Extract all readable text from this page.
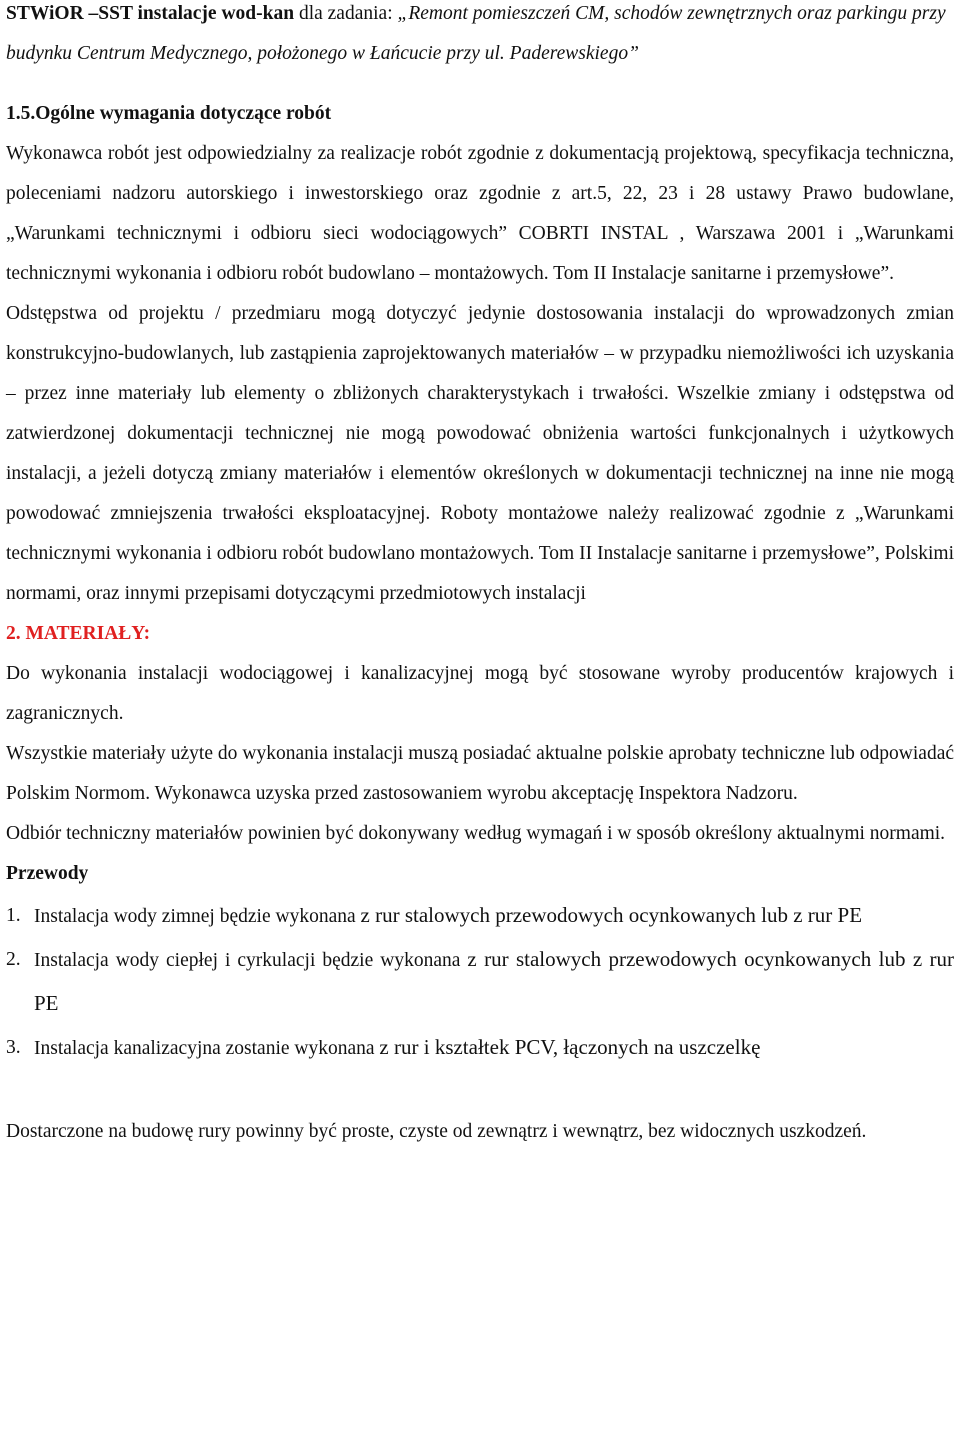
STWiOR –SST instalacje wod-kan dla zadania: „Remont pomieszczeń CM, schodów zewnętrznych oraz parkingu przy budynku Centrum Medycznego, położonego w Łańcucie przy ul. Paderewskiego”
1.5.Ogólne wymagania dotyczące robót

Wykonawca robót jest odpowiedzialny za realizacje robót zgodnie z dokumentacją projektową, specyfikacja techniczna, poleceniami nadzoru autorskiego i inwestorskiego oraz zgodnie z art.5, 22, 23 i 28 ustawy Prawo budowlane, „Warunkami technicznymi i odbioru sieci wodociągowych” COBRTI INSTAL , Warszawa 2001 i „Warunkami technicznymi wykonania i odbioru robót budowlano – montażowych. Tom II Instalacje sanitarne i przemysłowe”.

Odstępstwa od projektu / przedmiaru mogą dotyczyć jedynie dostosowania instalacji do wprowadzonych zmian konstrukcyjno-budowlanych, lub zastąpienia zaprojektowanych materiałów – w przypadku niemożliwości ich uzyskania – przez inne materiały lub elementy o zbliżonych charakterystykach i trwałości. Wszelkie zmiany i odstępstwa od zatwierdzonej dokumentacji technicznej nie mogą powodować obniżenia wartości funkcjonalnych i użytkowych instalacji, a jeżeli dotyczą zmiany materiałów i elementów określonych w dokumentacji technicznej na inne nie mogą powodować zmniejszenia trwałości eksploatacyjnej. Roboty montażowe należy realizować zgodnie z „Warunkami technicznymi wykonania i odbioru robót budowlano montażowych. Tom II Instalacje sanitarne i przemysłowe”, Polskimi normami, oraz innymi przepisami dotyczącymi przedmiotowych instalacji

2. MATERIAŁY:

Do wykonania instalacji wodociągowej i kanalizacyjnej mogą być stosowane wyroby producentów krajowych i zagranicznych.

Wszystkie materiały użyte do wykonania instalacji muszą posiadać aktualne polskie aprobaty techniczne lub odpowiadać Polskim Normom. Wykonawca uzyska przed zastosowaniem wyrobu akceptację Inspektora Nadzoru.

Odbiór techniczny materiałów powinien być dokonywany według wymagań i w sposób określony aktualnymi normami.

Przewody
1. Instalacja wody zimnej będzie wykonana z rur stalowych przewodowych ocynkowanych lub z rur PE
2. Instalacja wody ciepłej i cyrkulacji będzie wykonana z rur stalowych przewodowych ocynkowanych lub z rur PE
3. Instalacja kanalizacyjna zostanie wykonana z rur i kształtek PCV, łączonych na uszczelkę

Dostarczone na budowę rury powinny być proste, czyste od zewnątrz i wewnątrz, bez widocznych uszkodzeń.
